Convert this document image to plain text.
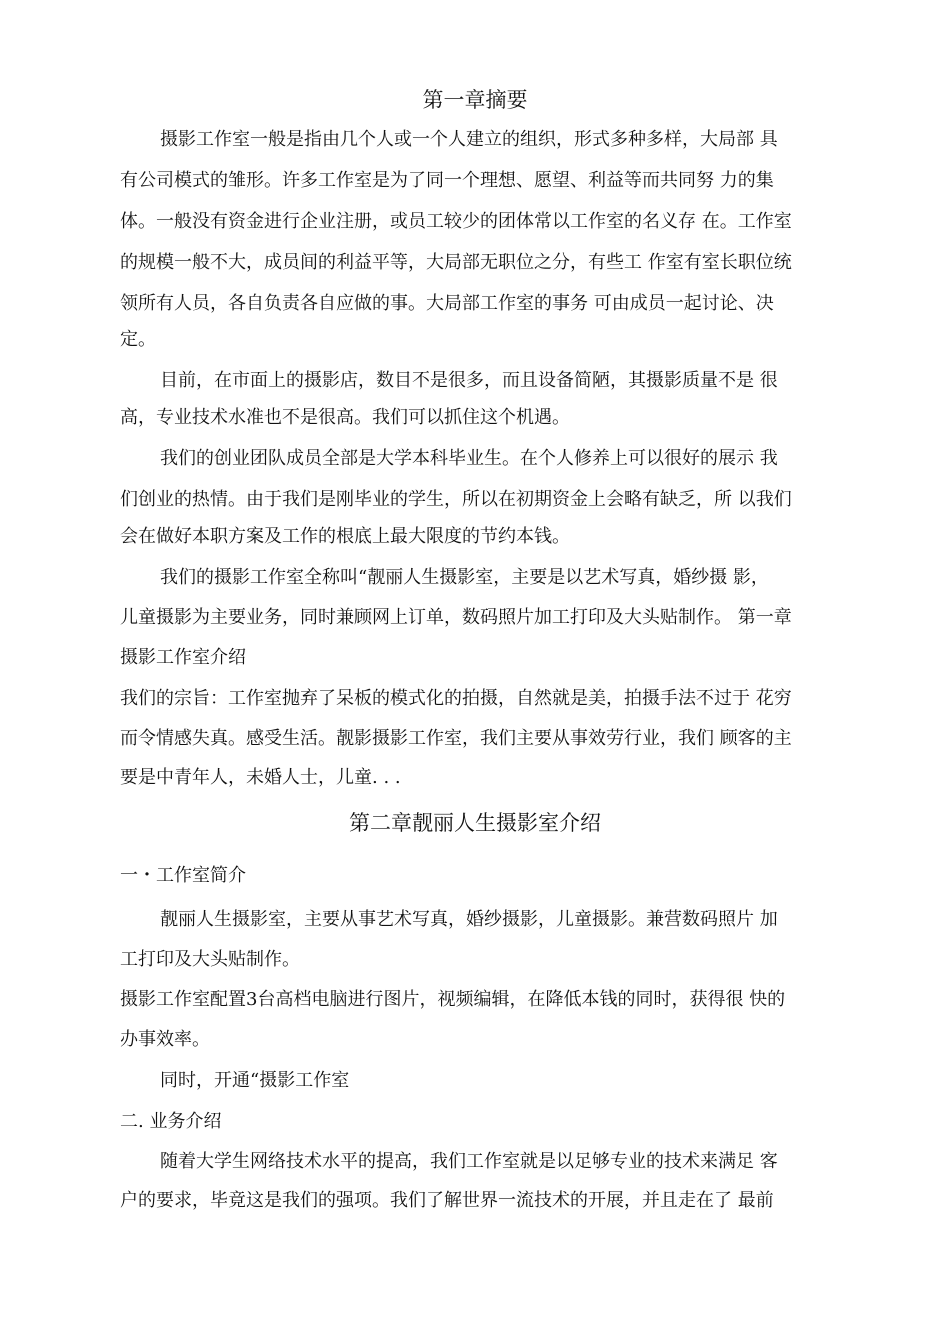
第一章摘要
摄影工作室一般是指由几个人或一个人建立的组织，形式多种多样，大局部 具
有公司模式的雏形。许多工作室是为了同一个理想、愿望、利益等而共同努 力的集
体。一般没有资金进行企业注册，或员工较少的团体常以工作室的名义存 在。工作室
的规模一般不大，成员间的利益平等，大局部无职位之分，有些工 作室有室长职位统
领所有人员，各自负责各自应做的事。大局部工作室的事务 可由成员一起讨论、决
定。
目前，在市面上的摄影店，数目不是很多，而且设备简陋，其摄影质量不是 很
高，专业技术水准也不是很高。我们可以抓住这个机遇。
我们的创业团队成员全部是大学本科毕业生。在个人修养上可以很好的展示 我
们创业的热情。由于我们是刚毕业的学生，所以在初期资金上会略有缺乏，所 以我们
会在做好本职方案及工作的根底上最大限度的节约本钱。
我们的摄影工作室全称叫“靓丽人生摄影室，主要是以艺术写真，婚纱摄 影，
儿童摄影为主要业务，同时兼顾网上订单，数码照片加工打印及大头贴制作。 第一章
摄影工作室介绍
我们的宗旨：工作室抛弃了呆板的模式化的拍摄，自然就是美，拍摄手法不过于 花穷
而令情感失真。感受生活。靓影摄影工作室，我们主要从事效劳行业，我们 顾客的主
要是中青年人，未婚人士，儿童. . .
第二章靓丽人生摄影室介绍
一・工作室简介
靓丽人生摄影室，主要从事艺术写真，婚纱摄影，儿童摄影。兼营数码照片 加
工打印及大头贴制作。
摄影工作室配置3台高档电脑进行图片，视频编辑，在降低本钱的同时，获得很 快的
办事效率。
同时，开通“摄影工作室
二. 业务介绍
随着大学生网络技术水平的提高，我们工作室就是以足够专业的技术来满足 客
户的要求，毕竟这是我们的强项。我们了解世界一流技术的开展，并且走在了 最前
